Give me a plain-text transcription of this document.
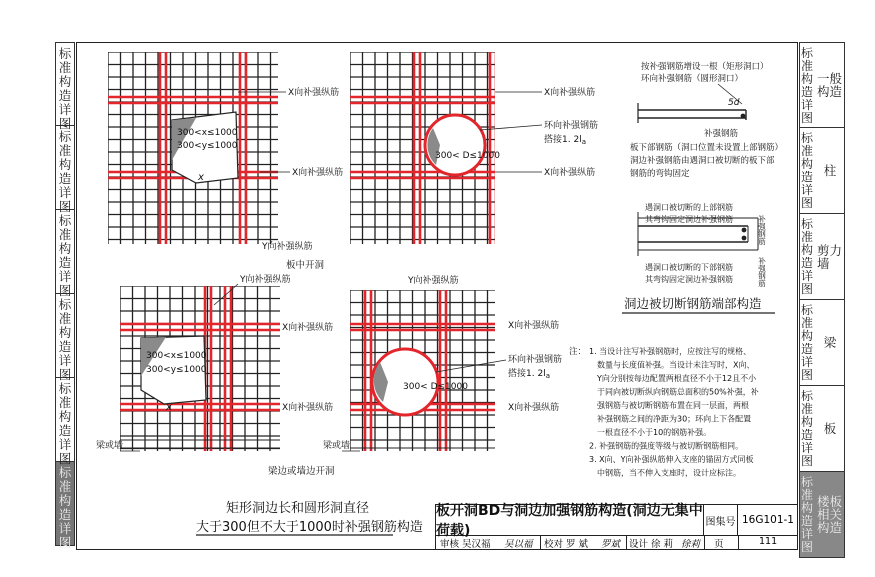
标准构造详图
标准构造详图
标准构造详图
标准构造详图
标准构造详图
标准构造详图
标准构造详图
一般构造
标准构造详图
柱
标准构造详图
剪力墙
标准构造详图
梁
标准构造详图
板
标准构造详图
楼板相关构造
300<x≤1000
300<y≤1000
x
X向补强纵筋
X向补强纵筋
Y向补强纵筋
300< D≤1000
X向补强纵筋
环向补强钢筋
搭接1. $2l_a$
X向补强纵筋
板中开洞
300<x≤1000
300<y≤1000
x
Y向补强纵筋
X向补强纵筋
X向补强纵筋
梁或墙
梁边或墙边开洞
300< D≤1000
X向补强纵筋
环向补强钢筋
搭接1. $2l_a$
X向补强纵筋
Y向补强纵筋
梁或墙
矩形洞边长和圆形洞直径
大于300但不大于1000时补强钢筋构造
按补强钢筋增设一根（矩形洞口）
环向补强钢筋（圆形洞口）
5d
补强钢筋
板下部钢筋（洞口位置未设置上部钢筋）
洞边补强钢筋由遇洞口被切断的板下部
钢筋的弯钩固定
遇洞口被切断的上部钢筋
其弯钩固定洞边补强钢筋
遇洞口被切断的下部钢筋
其弯钩固定洞边补强钢筋
补强钢筋
补强钢筋
洞边被切断钢筋端部构造
注： 1. 当设计注写补强钢筋时，应按注写的规格、
数量与长度值补强。当设计未注写时，X向、
Y向分别按每边配置两根直径不小于12且不小
于同向被切断纵向钢筋总面积的50%补强，补
强钢筋与被切断钢筋布置在同一层面，两根
补强钢筋之间的净距为30；环向上下各配置
一根直径不小于10的钢筋补强。
2. 补强钢筋的强度等级与被切断钢筋相同。
3. X向、Y向补强纵筋伸入支座的锚固方式同板
中钢筋，当不伸入支座时，设计应标注。
板开洞BD与洞边加强钢筋构造(洞边无集中荷载)
图集号 16G101-1
审核 吴汉福 吴以福 校对 罗 斌 罗斌 设计 徐 莉 徐莉 页	111
